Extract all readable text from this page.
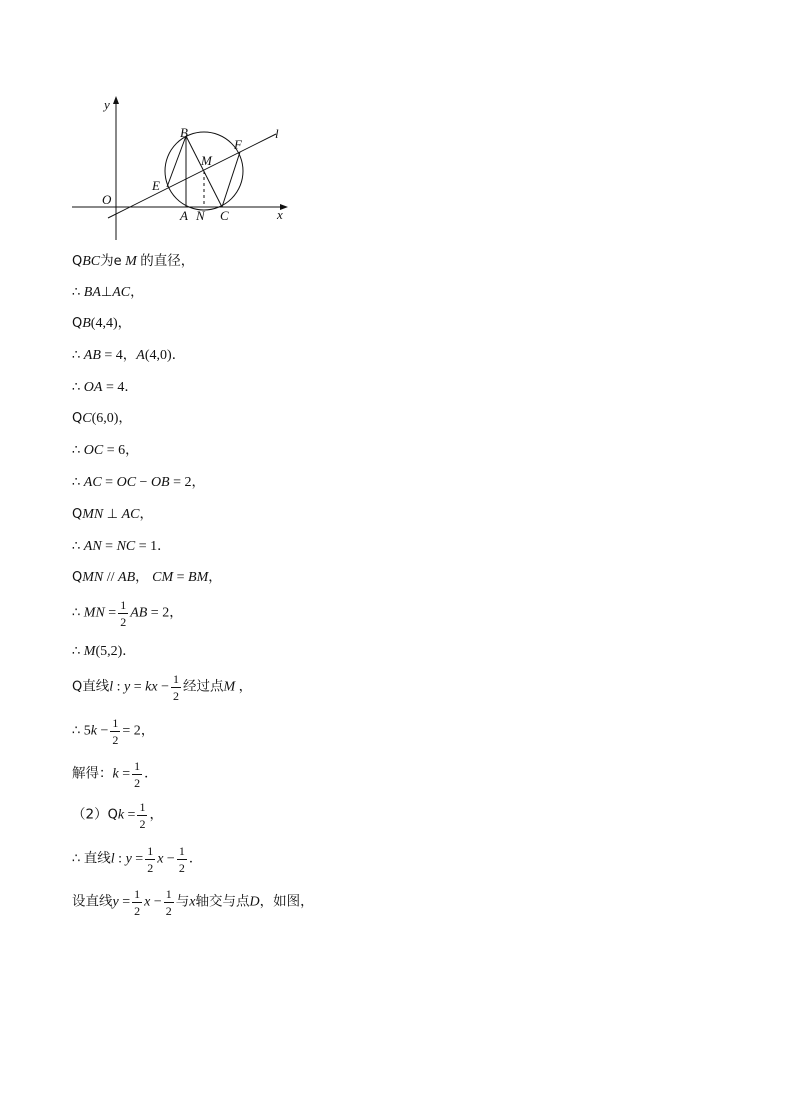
y
x
O
B
M
F
l
E
A N C
QBC为e M 的直径，
∴ BA⊥AC，
QB(4,4)，
∴ AB = 4，A(4,0)．
∴ OA = 4．
QC(6,0)，
∴ OC = 6，
∴ AC = OC − OB = 2，
QMN ⊥ AC，
∴ AN = NC = 1．
QMN // AB， CM = BM，
∴ MN = $\frac{1}{2}$ AB = 2，
∴ M(5,2)．
Q直线l : y = kx − $\frac{1}{2}$ 经过点M ，
∴ $5k - \frac{1}{2} = 2$，
解得：$k = \frac{1}{2}$ ．
$(2)Qk = \frac{1}{2}$ ，
∴ 直线l : $y = \frac{1}{2}$ $x - \frac{1}{2}$ ．
设直线$y = \frac{1}{2}$ $x - \frac{1}{2}$ 与x轴交与点D，如图，
